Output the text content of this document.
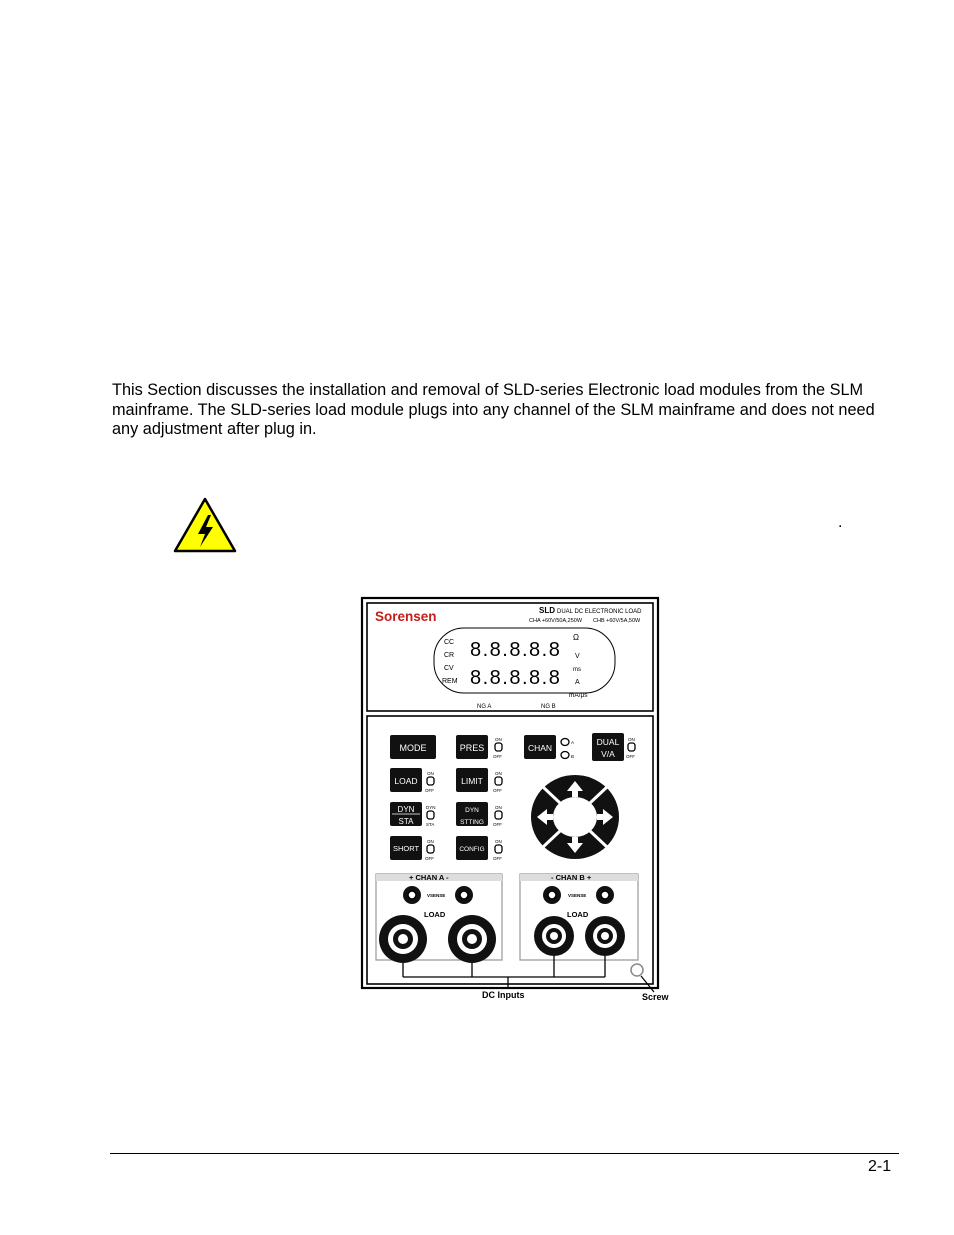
This Section discusses the installation and removal of SLD-series Electronic load modules from the SLM mainframe. The SLD-series load module plugs into any channel of the SLM mainframe and does not need any adjustment after plug in.

.
Sorensen	SLD DUAL DC ELECTRONIC LOAD
CHA +60V/50A,250W CHB +60V/5A,50W
CC
CR
CV
REM
8.8.8.8.8
8.8.8.8.8
Ω
V
ms
A
mA/μs
NG A	NG B
MODE	PRES
ON
OFF
CHAN
A
B
DUAL
V/A
ON
OFF
LOAD
ON
OFF
LIMIT
ON
OFF
DYN
STA
DYN
STA
DYN
STTING
ON
OFF
SHORT
ON
OFF
CONFIG
ON
OFF
+ CHAN A -
VSENSE
LOAD
- CHAN B +
VSENSE
LOAD
DC Inputs	Screw
2-1
